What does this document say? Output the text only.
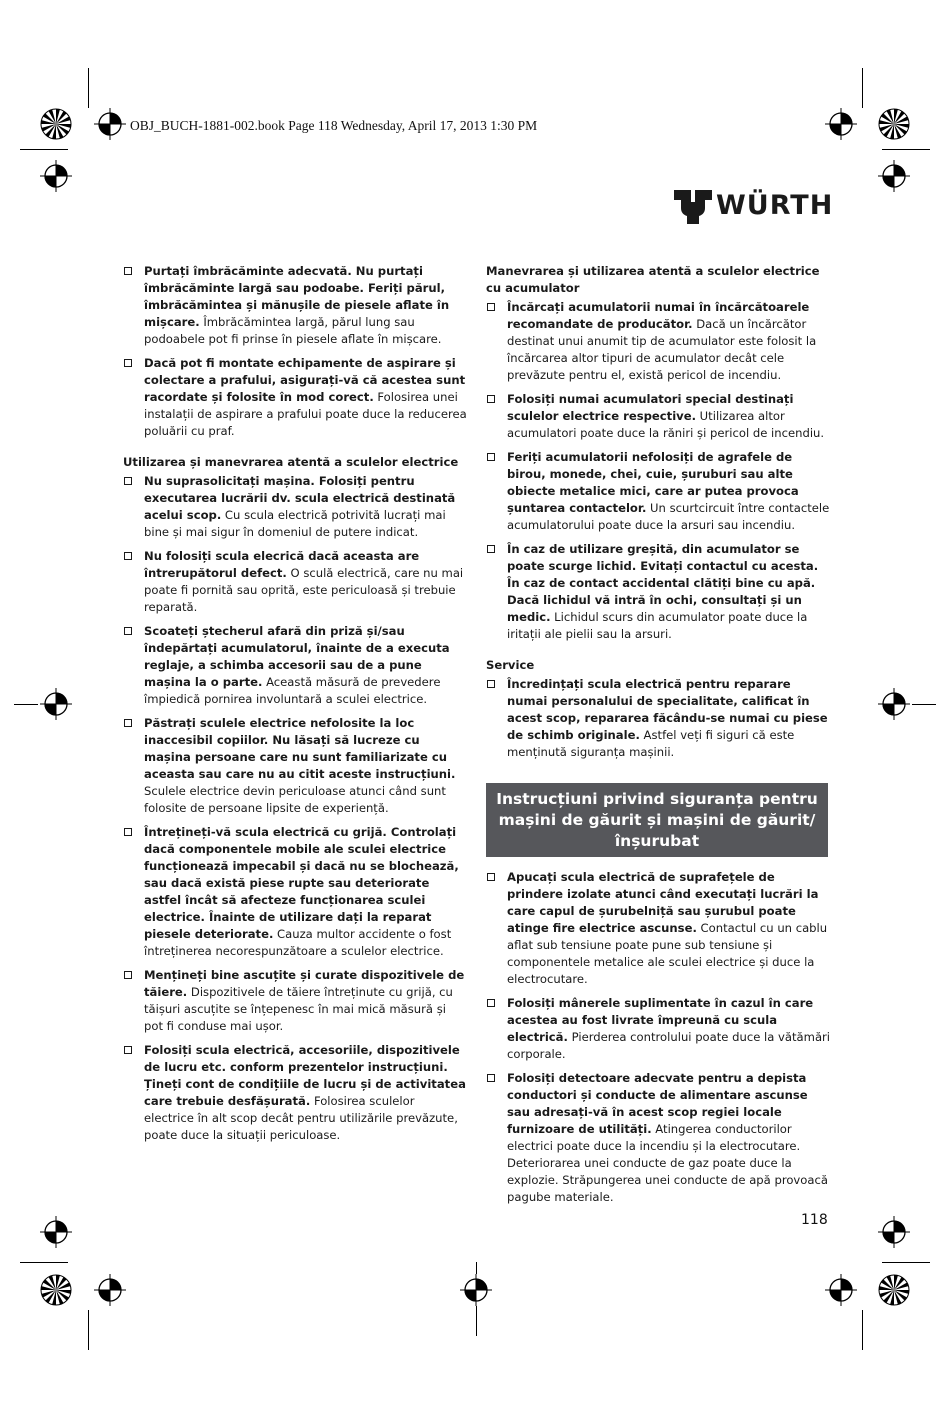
OBJ_BUCH-1881-002.book Page 118 Wednesday, April 17, 2013 1:30 PM
WÜRTH
Purtați îmbrăcăminte adecvată. Nu purtați îmbrăcăminte largă sau podoabe. Feriți părul, îmbrăcămintea și mănușile de piesele aflate în mișcare. Îmbrăcămintea largă, părul lung sau podoabele pot fi prinse în piesele aflate în mișcare.
Dacă pot fi montate echipamente de aspirare și colectare a prafului, asigurați-vă că acestea sunt racordate și folosite în mod corect. Folosirea unei instalații de aspirare a prafului poate duce la reducerea poluării cu praf.
Utilizarea și manevrarea atentă a sculelor electrice
Nu suprasolicitați mașina. Folosiți pentru executarea lucrării dv. scula electrică destinată acelui scop. Cu scula electrică potrivită lucrați mai bine și mai sigur în domeniul de putere indicat.
Nu folosiți scula elecrică dacă aceasta are întrerupătorul defect. O sculă electrică, care nu mai poate fi pornită sau oprită, este periculoasă și trebuie reparată.
Scoateți ștecherul afară din priză și/sau îndepărtați acumulatorul, înainte de a executa reglaje, a schimba accesorii sau de a pune mașina la o parte. Această măsură de prevedere împiedică pornirea involuntară a sculei electrice.
Păstrați sculele electrice nefolosite la loc inaccesibil copiilor. Nu lăsați să lucreze cu mașina persoane care nu sunt familiarizate cu aceasta sau care nu au citit aceste instrucțiuni. Sculele electrice devin periculoase atunci când sunt folosite de persoane lipsite de experiență.
Întrețineți-vă scula electrică cu grijă. Controlați dacă componentele mobile ale sculei electrice funcționează impecabil și dacă nu se blochează, sau dacă există piese rupte sau deteriorate astfel încât să afecteze funcționarea sculei electrice. Înainte de utilizare dați la reparat piesele deteriorate. Cauza multor accidente o fost întreținerea necorespunzătoare a sculelor electrice.
Mențineți bine ascuțite și curate dispozitivele de tăiere. Dispozitivele de tăiere întreținute cu grijă, cu tăișuri ascuțite se înțepenesc în mai mică măsură și pot fi conduse mai ușor.
Folosiți scula electrică, accesoriile, dispozitivele de lucru etc. conform prezentelor instrucțiuni. Țineți cont de condițiile de lucru și de activitatea care trebuie desfășurată. Folosirea sculelor electrice în alt scop decât pentru utilizările prevăzute, poate duce la situații periculoase.
Manevrarea și utilizarea atentă a sculelor electrice cu acumulator
Încărcați acumulatorii numai în încărcătoarele recomandate de producător. Dacă un încărcător destinat unui anumit tip de acumulator este folosit la încărcarea altor tipuri de acumulator decât cele prevăzute pentru el, există pericol de incendiu.
Folosiți numai acumulatori special destinați sculelor electrice respective. Utilizarea altor acumulatori poate duce la răniri și pericol de incendiu.
Feriți acumulatorii nefolosiți de agrafele de birou, monede, chei, cuie, șuruburi sau alte obiecte metalice mici, care ar putea provoca șuntarea contactelor. Un scurtcircuit între contactele acumulatorului poate duce la arsuri sau incendiu.
În caz de utilizare greșită, din acumulator se poate scurge lichid. Evitați contactul cu acesta. În caz de contact accidental clătiți bine cu apă. Dacă lichidul vă intră în ochi, consultați și un medic. Lichidul scurs din acumulator poate duce la iritații ale pielii sau la arsuri.
Service
Încredințați scula electrică pentru reparare numai personalului de specialitate, calificat în acest scop, repararea făcându-se numai cu piese de schimb originale. Astfel veți fi siguri că este menținută siguranța mașinii.
Instrucțiuni privind siguranța pentru mașini de găurit și mașini de găurit/ înșurubat
Apucați scula electrică de suprafețele de prindere izolate atunci când executați lucrări la care capul de șurubelniță sau șurubul poate atinge fire electrice ascunse. Contactul cu un cablu aflat sub tensiune poate pune sub tensiune și componentele metalice ale sculei electrice și duce la electrocutare.
Folosiți mânerele suplimentate în cazul în care acestea au fost livrate împreună cu scula electrică. Pierderea controlului poate duce la vătămări corporale.
Folosiți detectoare adecvate pentru a depista conductori și conducte de alimentare ascunse sau adresați-vă în acest scop regiei locale furnizoare de utilități. Atingerea conductorilor electrici poate duce la incendiu și la electrocutare. Deteriorarea unei conducte de gaz poate duce la explozie. Străpungerea unei conducte de apă provoacă pagube materiale.
118
